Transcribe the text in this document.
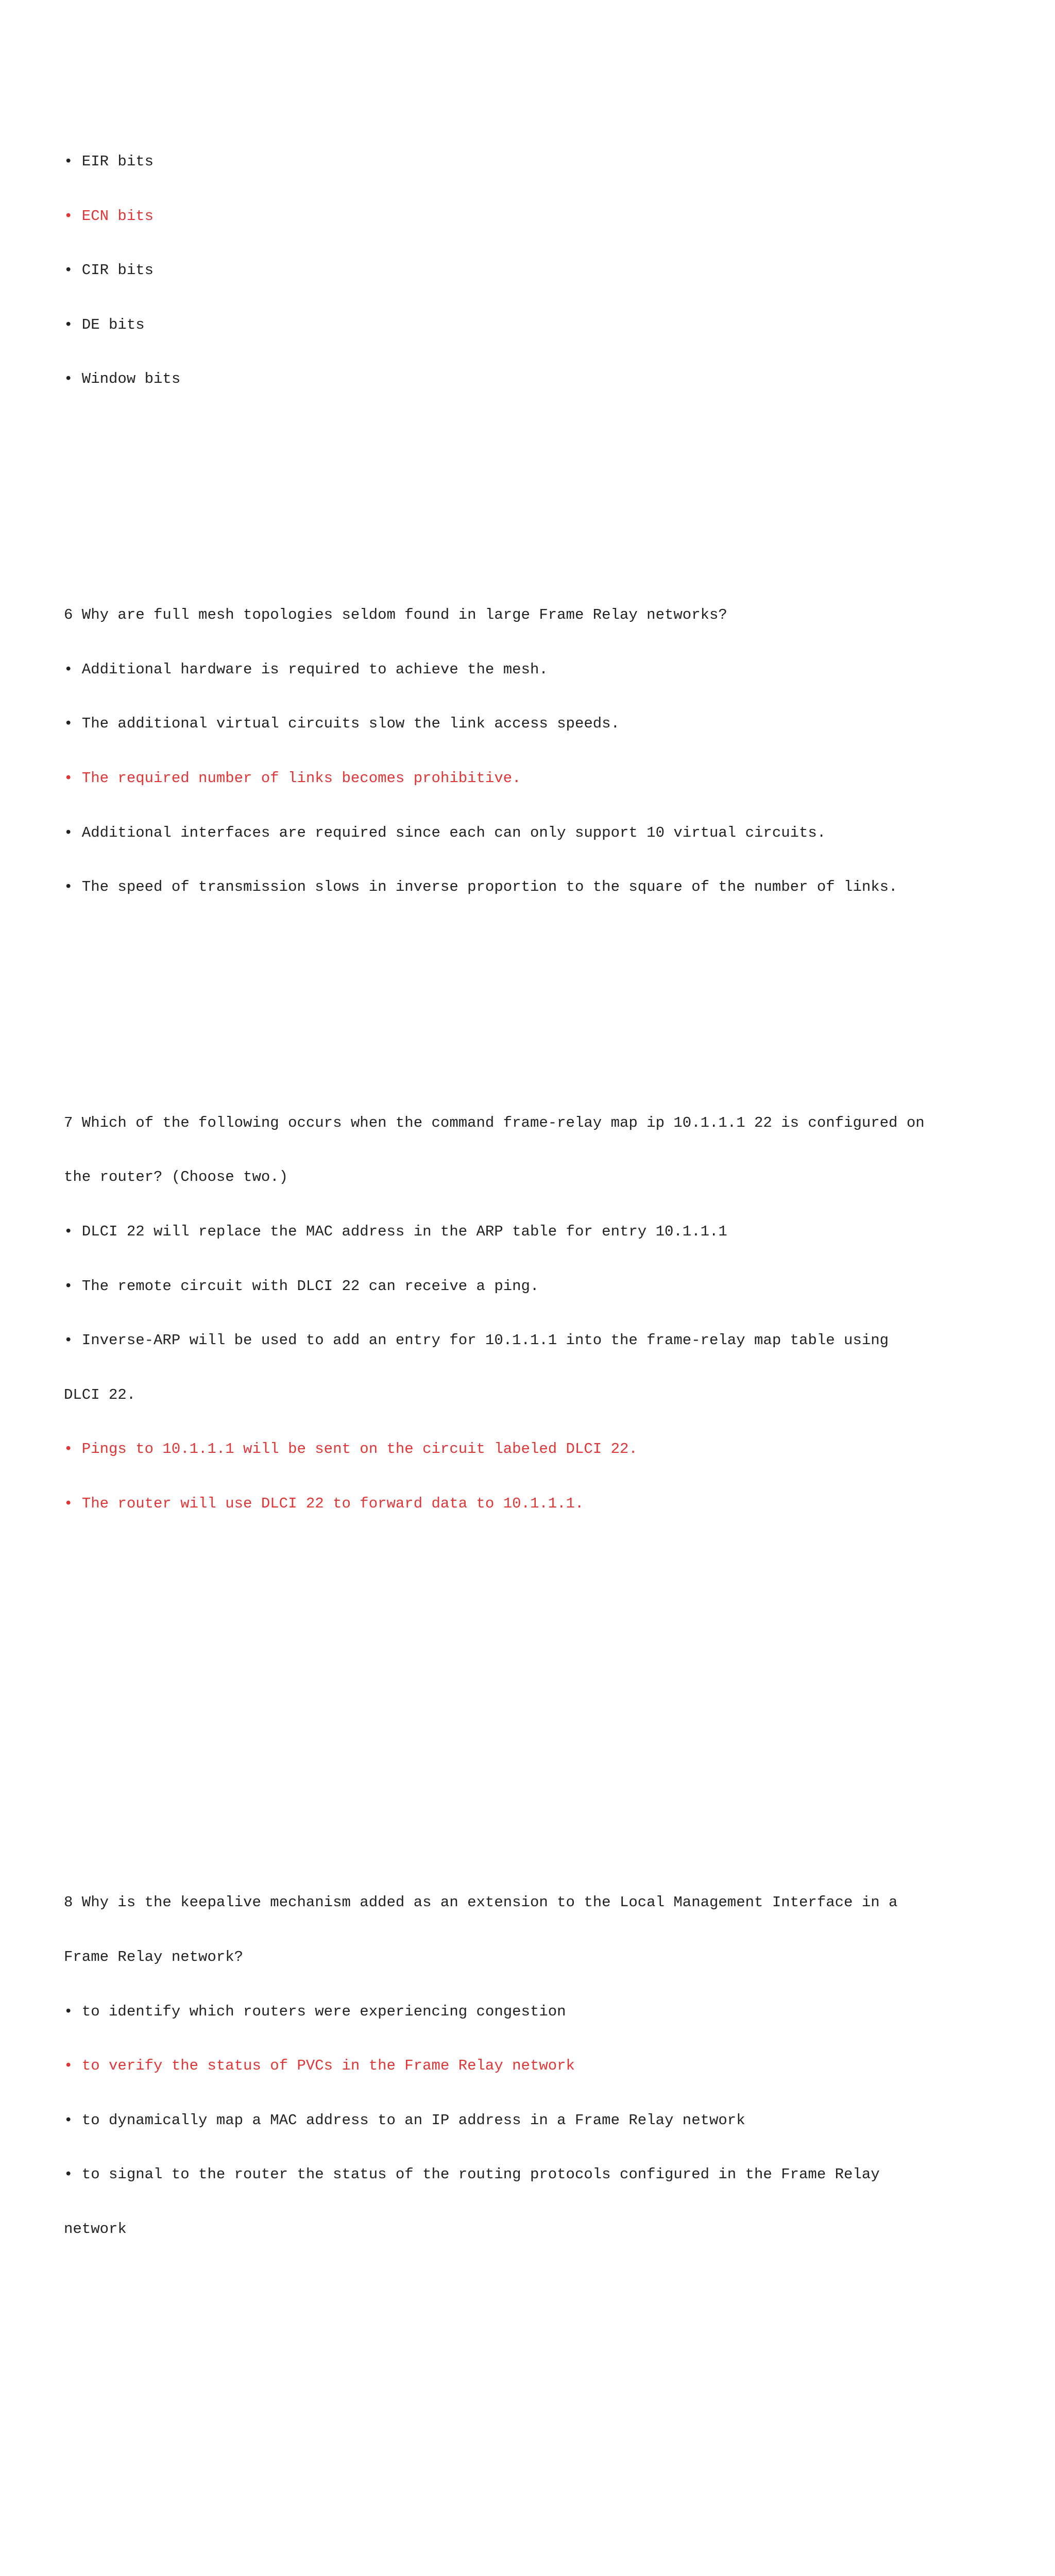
• EIR bits

• ECN bits

• CIR bits

• DE bits

• Window bits

6 Why are full mesh topologies seldom found in large Frame Relay networks?

• Additional hardware is required to achieve the mesh.

• The additional virtual circuits slow the link access speeds.

• The required number of links becomes prohibitive.

• Additional interfaces are required since each can only support 10 virtual circuits.

• The speed of transmission slows in inverse proportion to the square of the number of links.

7 Which of the following occurs when the command frame-relay map ip 10.1.1.1 22 is configured on

the router? (Choose two.)

• DLCI 22 will replace the MAC address in the ARP table for entry 10.1.1.1

• The remote circuit with DLCI 22 can receive a ping.

• Inverse-ARP will be used to add an entry for 10.1.1.1 into the frame-relay map table using

DLCI 22.

• Pings to 10.1.1.1 will be sent on the circuit labeled DLCI 22.

• The router will use DLCI 22 to forward data to 10.1.1.1.

8 Why is the keepalive mechanism added as an extension to the Local Management Interface in a

Frame Relay network?

• to identify which routers were experiencing congestion

• to verify the status of PVCs in the Frame Relay network

• to dynamically map a MAC address to an IP address in a Frame Relay network

• to signal to the router the status of the routing protocols configured in the Frame Relay

network
